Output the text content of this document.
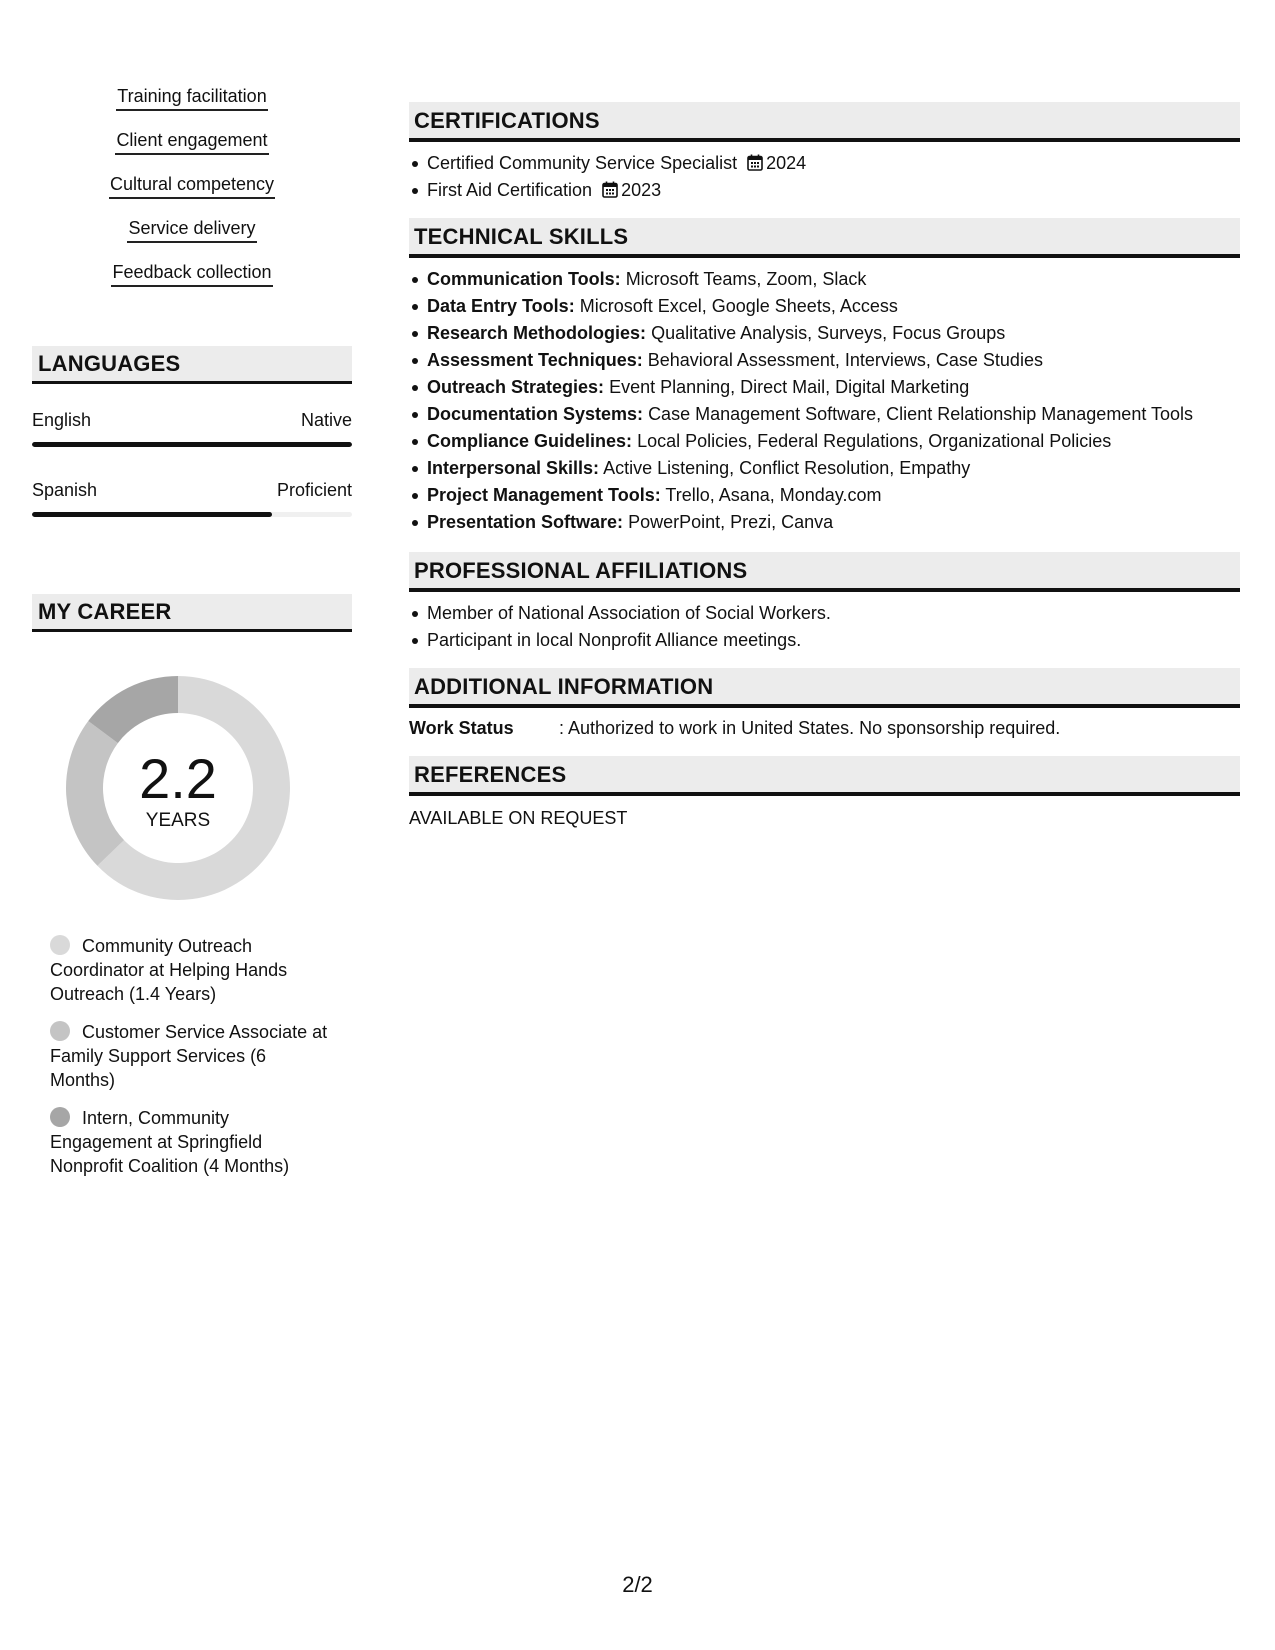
Training facilitation
Client engagement
Cultural competency
Service delivery
Feedback collection
LANGUAGES
English	Native
Spanish	Proficient
MY CAREER
2.2
YEARS
Community Outreach Coordinator at Helping Hands Outreach (1.4 Years)
Customer Service Associate at Family Support Services (6 Months)
Intern, Community Engagement at Springfield Nonprofit Coalition (4 Months)
CERTIFICATIONS
Certified Community Service Specialist 2024
First Aid Certification 2023
TECHNICAL SKILLS
Communication Tools: Microsoft Teams, Zoom, Slack
Data Entry Tools: Microsoft Excel, Google Sheets, Access
Research Methodologies: Qualitative Analysis, Surveys, Focus Groups
Assessment Techniques: Behavioral Assessment, Interviews, Case Studies
Outreach Strategies: Event Planning, Direct Mail, Digital Marketing
Documentation Systems: Case Management Software, Client Relationship Management Tools
Compliance Guidelines: Local Policies, Federal Regulations, Organizational Policies
Interpersonal Skills: Active Listening, Conflict Resolution, Empathy
Project Management Tools: Trello, Asana, Monday.com
Presentation Software: PowerPoint, Prezi, Canva
PROFESSIONAL AFFILIATIONS
Member of National Association of Social Workers.
Participant in local Nonprofit Alliance meetings.
ADDITIONAL INFORMATION
Work Status	: Authorized to work in United States. No sponsorship required.
REFERENCES
AVAILABLE ON REQUEST
2/2
